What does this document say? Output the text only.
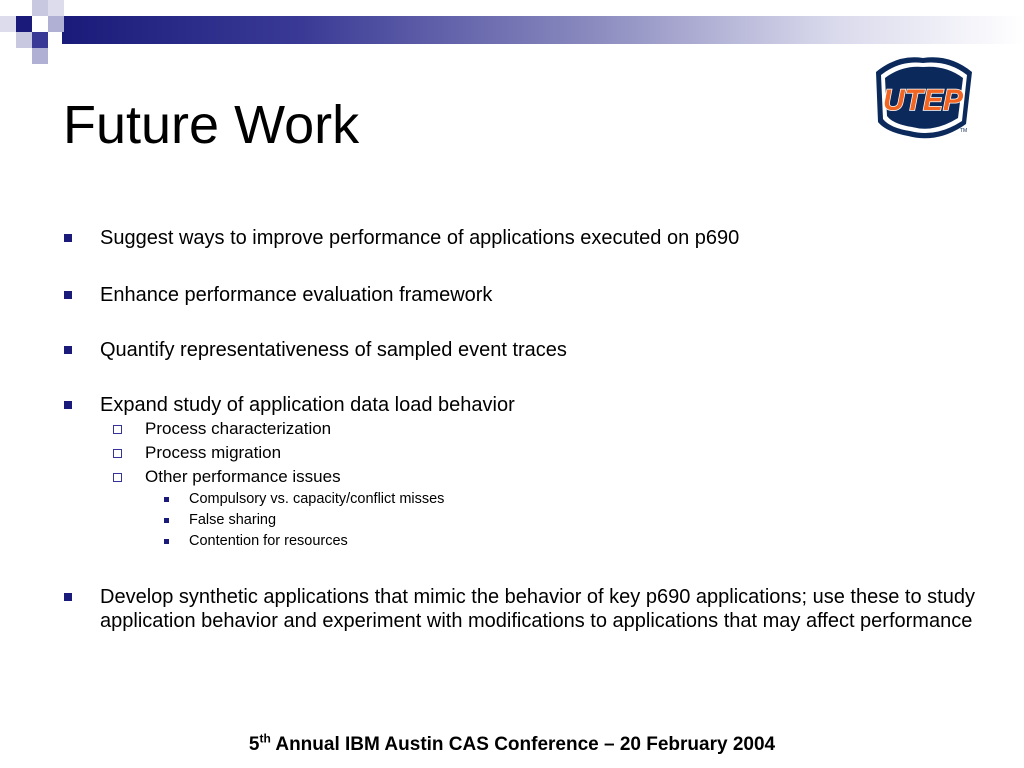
Future Work	UTEP
TM
Suggest ways to improve performance of applications executed on p690
Enhance performance evaluation framework
Quantify representativeness of sampled event traces
Expand study of application data load behavior
Process characterization
Process migration
Other performance issues
Compulsory vs. capacity/conflict misses
False sharing
Contention for resources
Develop synthetic applications that mimic the behavior of key p690 applications; use these to study application behavior and experiment with modifications to applications that may affect performance
5th Annual IBM Austin CAS Conference – 20 February 2004
